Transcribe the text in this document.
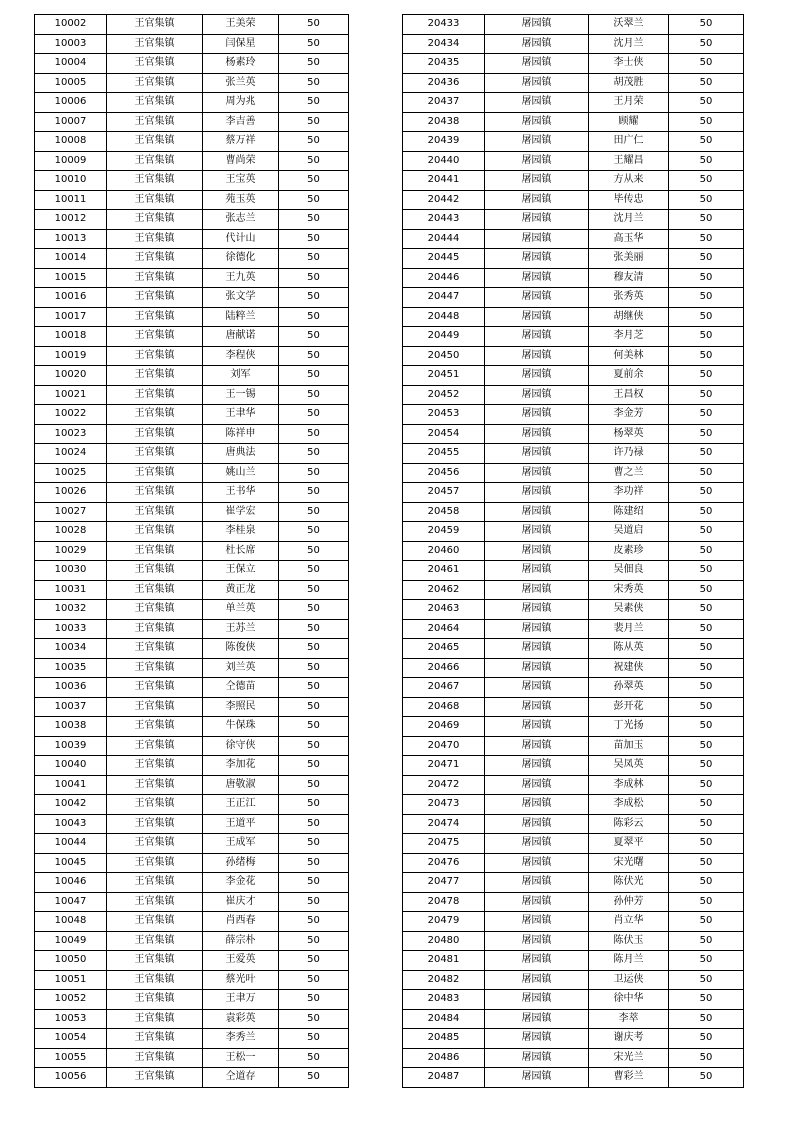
10002	王官集镇	王美荣	50
10003	王官集镇	闫保星	50
10004	王官集镇	杨素玲	50
10005	王官集镇	张兰英	50
10006	王官集镇	周为兆	50
10007	王官集镇	李吉善	50
10008	王官集镇	蔡万祥	50
10009	王官集镇	曹尚荣	50
10010	王官集镇	王宝英	50
10011	王官集镇	苑玉英	50
10012	王官集镇	张志兰	50
10013	王官集镇	代计山	50
10014	王官集镇	徐德化	50
10015	王官集镇	王九英	50
10016	王官集镇	张文学	50
10017	王官集镇	陆粹兰	50
10018	王官集镇	唐献诺	50
10019	王官集镇	李程侠	50
10020	王官集镇	刘军	50
10021	王官集镇	王一锡	50
10022	王官集镇	王聿华	50
10023	王官集镇	陈祥申	50
10024	王官集镇	唐典法	50
10025	王官集镇	姚山兰	50
10026	王官集镇	王书华	50
10027	王官集镇	崔学宏	50
10028	王官集镇	李桂泉	50
10029	王官集镇	杜长席	50
10030	王官集镇	王保立	50
10031	王官集镇	黄正龙	50
10032	王官集镇	单兰英	50
10033	王官集镇	王苏兰	50
10034	王官集镇	陈俊侠	50
10035	王官集镇	刘兰英	50
10036	王官集镇	仝德苗	50
10037	王官集镇	李照民	50
10038	王官集镇	牛保珠	50
10039	王官集镇	徐守侠	50
10040	王官集镇	李加花	50
10041	王官集镇	唐敬淑	50
10042	王官集镇	王正江	50
10043	王官集镇	王道平	50
10044	王官集镇	王成军	50
10045	王官集镇	孙绪梅	50
10046	王官集镇	李金花	50
10047	王官集镇	崔庆才	50
10048	王官集镇	肖西春	50
10049	王官集镇	薛宗朴	50
10050	王官集镇	王爱英	50
10051	王官集镇	蔡光叶	50
10052	王官集镇	王聿万	50
10053	王官集镇	袁彩英	50
10054	王官集镇	李秀兰	50
10055	王官集镇	王松一	50
10056	王官集镇	仝道存	50
20433	屠园镇	沃翠兰	50
20434	屠园镇	沈月兰	50
20435	屠园镇	李士侠	50
20436	屠园镇	胡茂胜	50
20437	屠园镇	王月荣	50
20438	屠园镇	顾耀	50
20439	屠园镇	田广仁	50
20440	屠园镇	王耀昌	50
20441	屠园镇	方从来	50
20442	屠园镇	毕传忠	50
20443	屠园镇	沈月兰	50
20444	屠园镇	高玉华	50
20445	屠园镇	张美丽	50
20446	屠园镇	穆友清	50
20447	屠园镇	张秀英	50
20448	屠园镇	胡继侠	50
20449	屠园镇	李月芝	50
20450	屠园镇	何美林	50
20451	屠园镇	夏前余	50
20452	屠园镇	王昌权	50
20453	屠园镇	李金芳	50
20454	屠园镇	杨翠英	50
20455	屠园镇	许乃禄	50
20456	屠园镇	曹之兰	50
20457	屠园镇	李功祥	50
20458	屠园镇	陈建绍	50
20459	屠园镇	吴道启	50
20460	屠园镇	皮素珍	50
20461	屠园镇	吴佃良	50
20462	屠园镇	宋秀英	50
20463	屠园镇	吴素侠	50
20464	屠园镇	裴月兰	50
20465	屠园镇	陈从英	50
20466	屠园镇	祝建侠	50
20467	屠园镇	孙翠英	50
20468	屠园镇	彭开花	50
20469	屠园镇	丁光扬	50
20470	屠园镇	苗加玉	50
20471	屠园镇	吴凤英	50
20472	屠园镇	李成林	50
20473	屠园镇	李成松	50
20474	屠园镇	陈彩云	50
20475	屠园镇	夏翠平	50
20476	屠园镇	宋光曙	50
20477	屠园镇	陈伏光	50
20478	屠园镇	孙仲芳	50
20479	屠园镇	肖立华	50
20480	屠园镇	陈伏玉	50
20481	屠园镇	陈月兰	50
20482	屠园镇	卫运侠	50
20483	屠园镇	徐中华	50
20484	屠园镇	李萃	50
20485	屠园镇	谢庆考	50
20486	屠园镇	宋光兰	50
20487	屠园镇	曹彩兰	50
